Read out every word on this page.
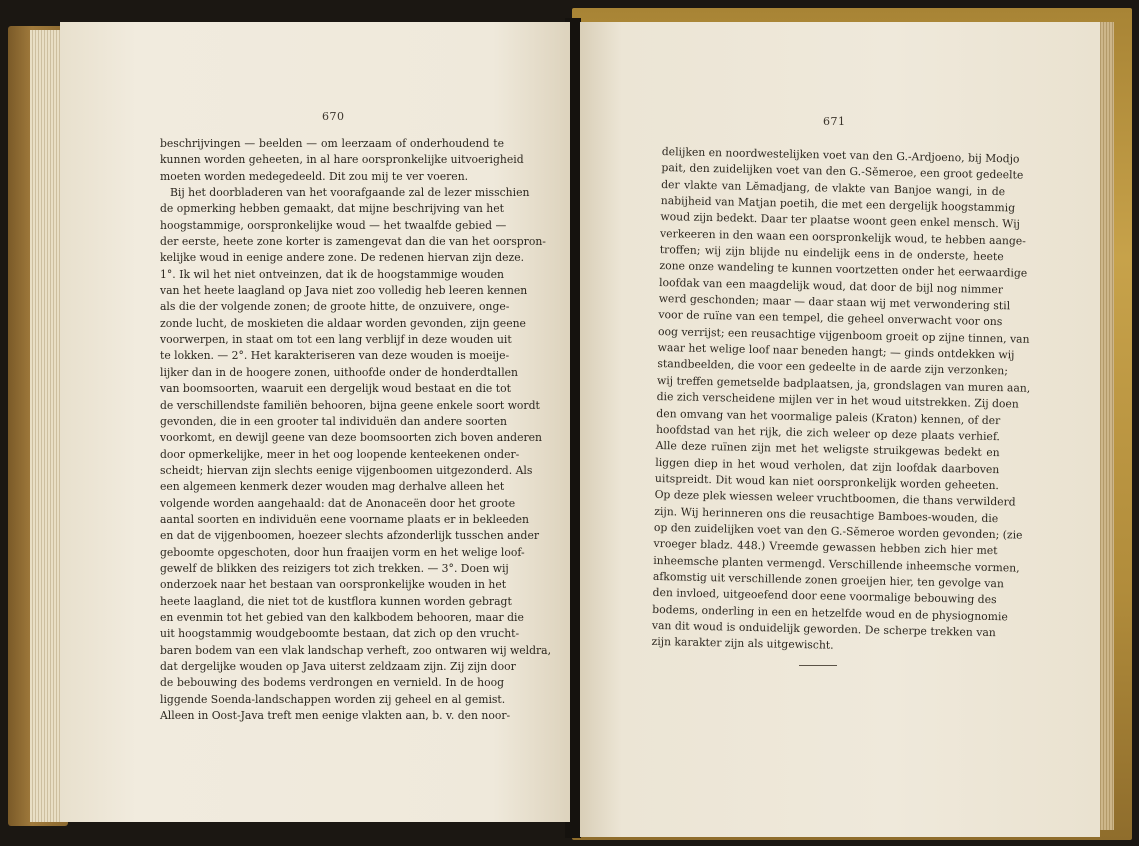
670
beschrijvingen — beelden — om leerzaam of onderhoudend te
kunnen worden geheeten, in al hare oorspronkelijke uitvoerigheid
moeten worden medegedeeld. Dit zou mij te ver voeren.
Bij het doorbladeren van het voorafgaande zal de lezer misschien
de opmerking hebben gemaakt, dat mijne beschrijving van het
hoogstammige, oorspronkelijke woud — het twaalfde gebied —
der eerste, heete zone korter is zamengevat dan die van het oorspron-
kelijke woud in eenige andere zone. De redenen hiervan zijn deze.
1°. Ik wil het niet ontveinzen, dat ik de hoogstammige wouden
van het heete laagland op Java niet zoo volledig heb leeren kennen
als die der volgende zonen; de groote hitte, de onzuivere, onge-
zonde lucht, de moskieten die aldaar worden gevonden, zijn geene
voorwerpen, in staat om tot een lang verblijf in deze wouden uit
te lokken. — 2°. Het karakteriseren van deze wouden is moeije-
lijker dan in de hoogere zonen, uithoofde onder de honderdtallen
van boomsoorten, waaruit een dergelijk woud bestaat en die tot
de verschillendste familiën behooren, bijna geene enkele soort wordt
gevonden, die in een grooter tal individuën dan andere soorten
voorkomt, en dewijl geene van deze boomsoorten zich boven anderen
door opmerkelijke, meer in het oog loopende kenteekenen onder-
scheidt; hiervan zijn slechts eenige vijgenboomen uitgezonderd. Als
een algemeen kenmerk dezer wouden mag derhalve alleen het
volgende worden aangehaald: dat de Anonaceën door het groote
aantal soorten en individuën eene voorname plaats er in bekleeden
en dat de vijgenboomen, hoezeer slechts afzonderlijk tusschen ander
geboomte opgeschoten, door hun fraaijen vorm en het welige loof-
gewelf de blikken des reizigers tot zich trekken. — 3°. Doen wij
onderzoek naar het bestaan van oorspronkelijke wouden in het
heete laagland, die niet tot de kustflora kunnen worden gebragt
en evenmin tot het gebied van den kalkbodem behooren, maar die
uit hoogstammig woudgeboomte bestaan, dat zich op den vrucht-
baren bodem van een vlak landschap verheft, zoo ontwaren wij weldra,
dat dergelijke wouden op Java uiterst zeldzaam zijn. Zij zijn door
de bebouwing des bodems verdrongen en vernield. In de hoog
liggende Soenda-landschappen worden zij geheel en al gemist.
Alleen in Oost-Java treft men eenige vlakten aan, b. v. den noor-
671
delijken en noordwestelijken voet van den G.-Ardjoeno, bij Modjo
pait, den zuidelijken voet van den G.-Sĕmeroe, een groot gedeelte
der vlakte van Lĕmadjang, de vlakte van Banjoe wangi, in de
nabijheid van Matjan poetih, die met een dergelijk hoogstammig
woud zijn bedekt. Daar ter plaatse woont geen enkel mensch. Wij
verkeeren in den waan een oorspronkelijk woud, te hebben aange-
troffen; wij zijn blijde nu eindelijk eens in de onderste, heete
zone onze wandeling te kunnen voortzetten onder het eerwaardige
loofdak van een maagdelijk woud, dat door de bijl nog nimmer
werd geschonden; maar — daar staan wij met verwondering stil
voor de ruïne van een tempel, die geheel onverwacht voor ons
oog verrijst; een reusachtige vijgenboom groeit op zijne tinnen, van
waar het welige loof naar beneden hangt; — ginds ontdekken wij
standbeelden, die voor een gedeelte in de aarde zijn verzonken;
wij treffen gemetselde badplaatsen, ja, grondslagen van muren aan,
die zich verscheidene mijlen ver in het woud uitstrekken. Zij doen
den omvang van het voormalige paleis (Kraton) kennen, of der
hoofdstad van het rijk, die zich weleer op deze plaats verhief.
Alle deze ruïnen zijn met het weligste struikgewas bedekt en
liggen diep in het woud verholen, dat zijn loofdak daarboven
uitspreidt. Dit woud kan niet oorspronkelijk worden geheeten.
Op deze plek wiessen weleer vruchtboomen, die thans verwilderd
zijn. Wij herinneren ons die reusachtige Bamboes-wouden, die
op den zuidelijken voet van den G.-Sĕmeroe worden gevonden; (zie
vroeger bladz. 448.) Vreemde gewassen hebben zich hier met
inheemsche planten vermengd. Verschillende inheemsche vormen,
afkomstig uit verschillende zonen groeijen hier, ten gevolge van
den invloed, uitgeoefend door eene voormalige bebouwing des
bodems, onderling in een en hetzelfde woud en de physiognomie
van dit woud is onduidelijk geworden. De scherpe trekken van
zijn karakter zijn als uitgewischt.
